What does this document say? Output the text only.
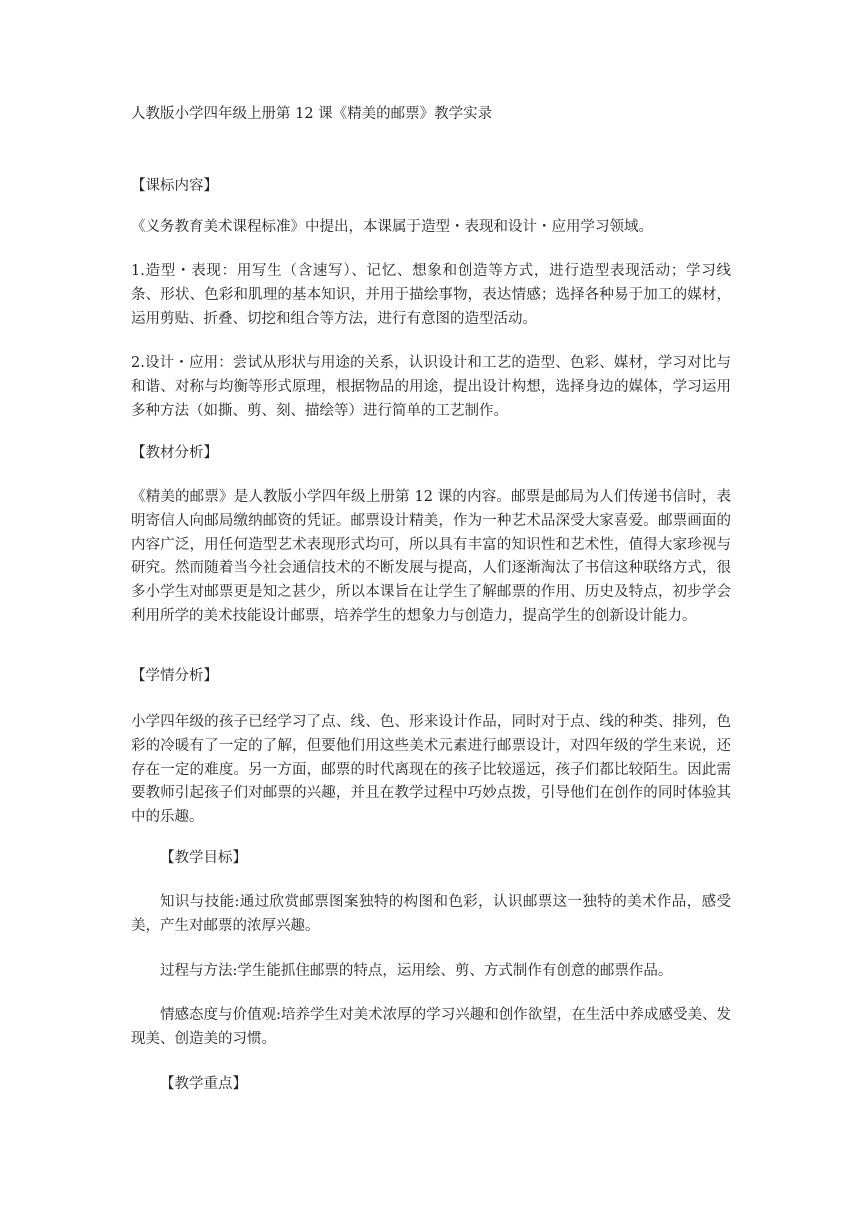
人教版小学四年级上册第 12 课《精美的邮票》教学实录
【课标内容】
《义务教育美术课程标准》中提出，本课属于造型・表现和设计・应用学习领域。
1.造型・表现：用写生（含速写）、记忆、想象和创造等方式，进行造型表现活动；学习线条、形状、色彩和肌理的基本知识，并用于描绘事物，表达情感；选择各种易于加工的媒材，运用剪贴、折叠、切挖和组合等方法，进行有意图的造型活动。
2.设计・应用：尝试从形状与用途的关系，认识设计和工艺的造型、色彩、媒材，学习对比与和谐、对称与均衡等形式原理，根据物品的用途，提出设计构想，选择身边的媒体，学习运用多种方法（如撕、剪、刻、描绘等）进行简单的工艺制作。
【教材分析】
《精美的邮票》是人教版小学四年级上册第 12 课的内容。邮票是邮局为人们传递书信时，表明寄信人向邮局缴纳邮资的凭证。邮票设计精美，作为一种艺术品深受大家喜爱。邮票画面的内容广泛，用任何造型艺术表现形式均可，所以具有丰富的知识性和艺术性，值得大家珍视与研究。然而随着当今社会通信技术的不断发展与提高，人们逐渐淘汰了书信这种联络方式，很多小学生对邮票更是知之甚少，所以本课旨在让学生了解邮票的作用、历史及特点，初步学会利用所学的美术技能设计邮票，培养学生的想象力与创造力，提高学生的创新设计能力。
【学情分析】
小学四年级的孩子已经学习了点、线、色、形来设计作品，同时对于点、线的种类、排列，色彩的冷暖有了一定的了解，但要他们用这些美术元素进行邮票设计，对四年级的学生来说，还存在一定的难度。另一方面，邮票的时代离现在的孩子比较遥远，孩子们都比较陌生。因此需要教师引起孩子们对邮票的兴趣，并且在教学过程中巧妙点拨，引导他们在创作的同时体验其中的乐趣。
【教学目标】
知识与技能:通过欣赏邮票图案独特的构图和色彩，认识邮票这一独特的美术作品，感受美，产生对邮票的浓厚兴趣。
过程与方法:学生能抓住邮票的特点，运用绘、剪、方式制作有创意的邮票作品。
情感态度与价值观:培养学生对美术浓厚的学习兴趣和创作欲望，在生活中养成感受美、发现美、创造美的习惯。
【教学重点】
